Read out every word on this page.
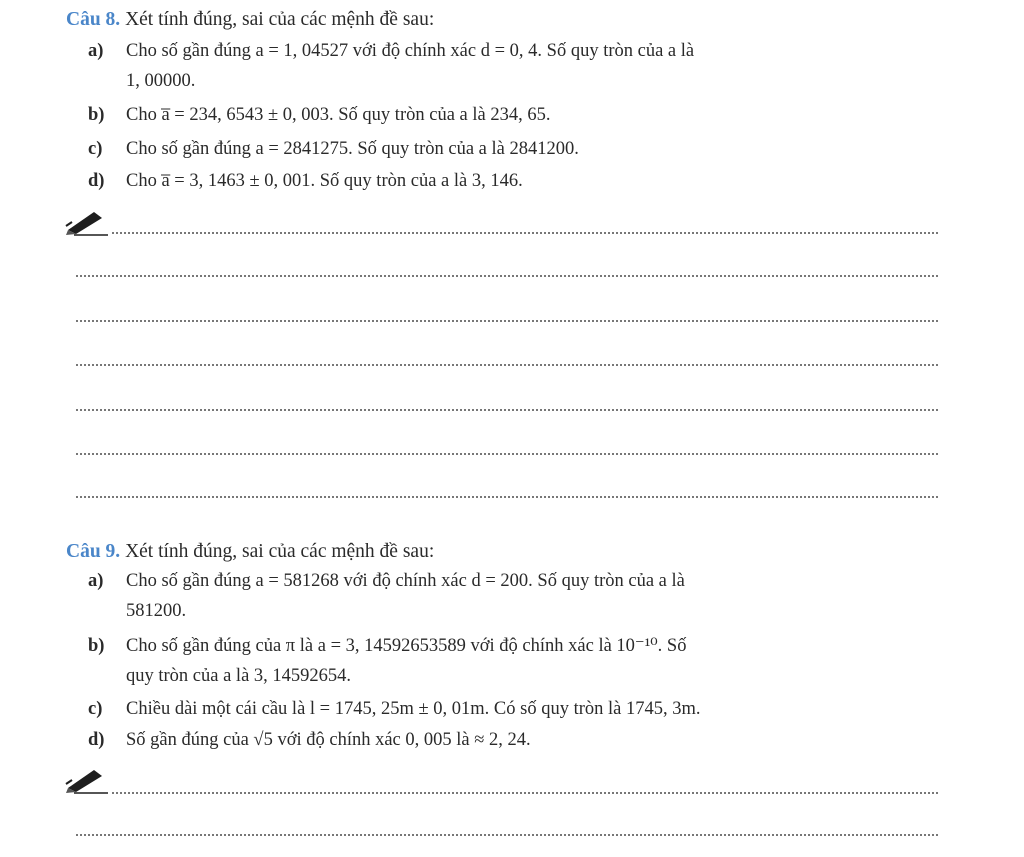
Câu 8. Xét tính đúng, sai của các mệnh đề sau:
a) Cho số gần đúng a = 1, 04527 với độ chính xác d = 0, 4. Số quy tròn của a là
1, 00000.
b) Cho a̅ = 234, 6543 ± 0, 003. Số quy tròn của a là 234, 65.
c) Cho số gần đúng a = 2841275. Số quy tròn của a là 2841200.
d) Cho a̅ = 3, 1463 ± 0, 001. Số quy tròn của a là 3, 146.
Câu 9. Xét tính đúng, sai của các mệnh đề sau:
a) Cho số gần đúng a = 581268 với độ chính xác d = 200. Số quy tròn của a là
581200.
b) Cho số gần đúng của π là a = 3, 14592653589 với độ chính xác là 10⁻¹⁰. Số
quy tròn của a là 3, 14592654.
c) Chiều dài một cái cầu là l = 1745, 25m ± 0, 01m. Có số quy tròn là 1745, 3m.
d) Số gần đúng của √5 với độ chính xác 0, 005 là ≈ 2, 24.
